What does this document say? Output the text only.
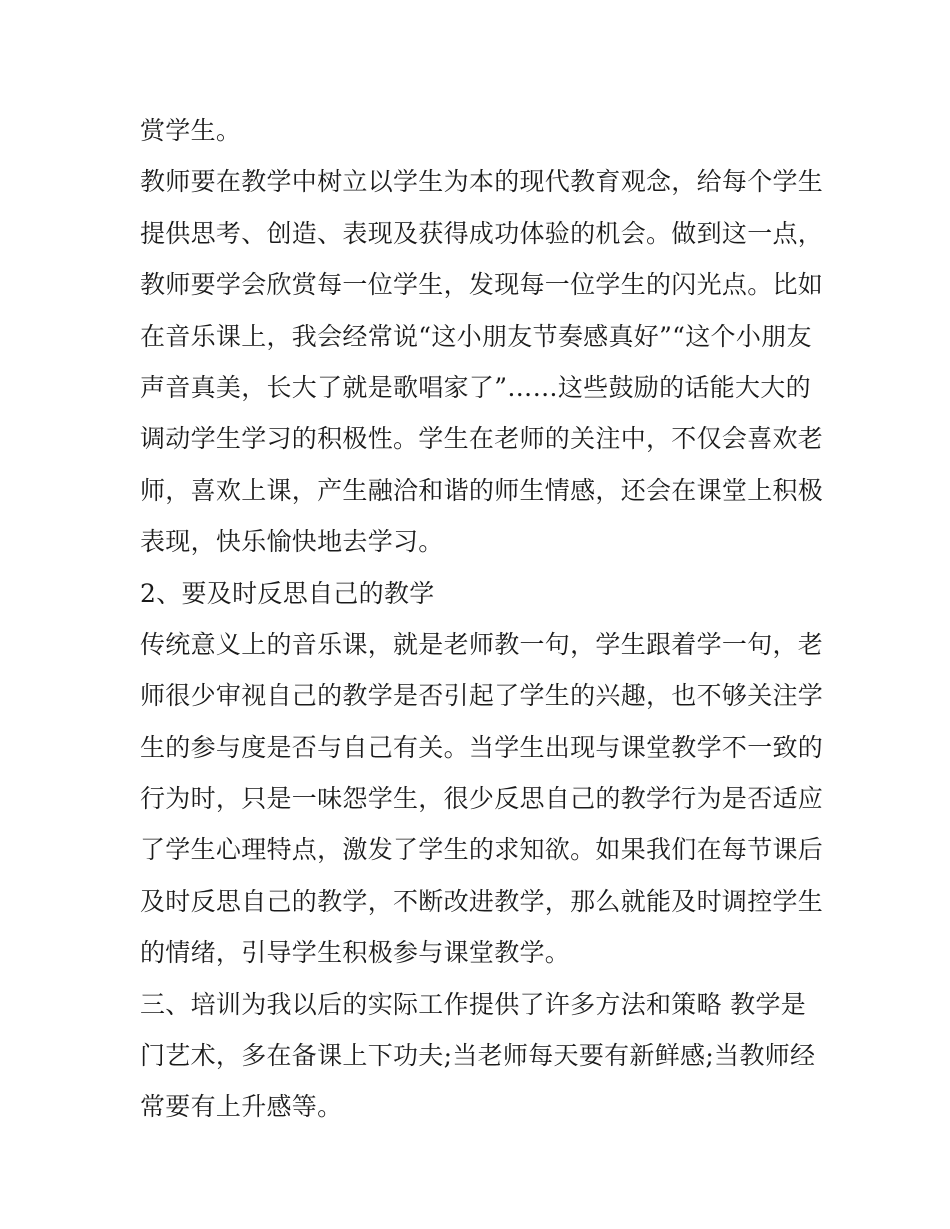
赏学生。
教师要在教学中树立以学生为本的现代教育观念，给每个学生
提供思考、创造、表现及获得成功体验的机会。做到这一点，
教师要学会欣赏每一位学生，发现每一位学生的闪光点。比如
在音乐课上，我会经常说“这小朋友节奏感真好”“这个小朋友
声音真美，长大了就是歌唱家了”……这些鼓励的话能大大的
调动学生学习的积极性。学生在老师的关注中，不仅会喜欢老
师，喜欢上课，产生融洽和谐的师生情感，还会在课堂上积极
表现，快乐愉快地去学习。
2、要及时反思自己的教学
传统意义上的音乐课，就是老师教一句，学生跟着学一句，老
师很少审视自己的教学是否引起了学生的兴趣，也不够关注学
生的参与度是否与自己有关。当学生出现与课堂教学不一致的
行为时，只是一味怨学生，很少反思自己的教学行为是否适应
了学生心理特点，激发了学生的求知欲。如果我们在每节课后
及时反思自己的教学，不断改进教学，那么就能及时调控学生
的情绪，引导学生积极参与课堂教学。
三、培训为我以后的实际工作提供了许多方法和策略 教学是
门艺术，多在备课上下功夫;当老师每天要有新鲜感;当教师经
常要有上升感等。
